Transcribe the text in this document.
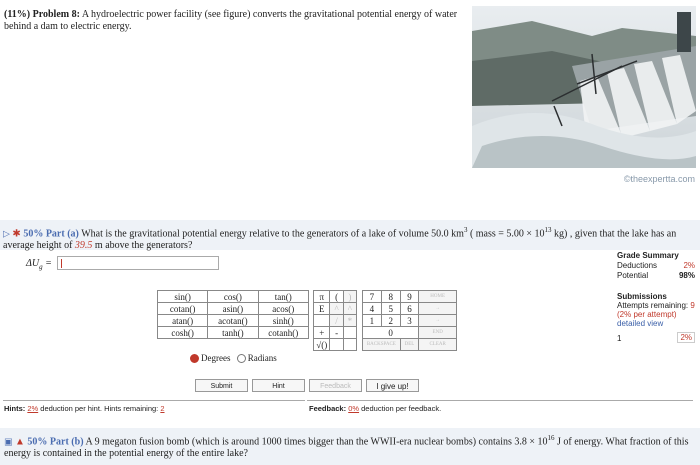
(11%) Problem 8: A hydroelectric power facility (see figure) converts the gravitational potential energy of water behind a dam to electric energy.
©theexpertta.com
▷ ✱ 50% Part (a) What is the gravitational potential energy relative to the generators of a lake of volume 50.0 $km^3$ ( mass = $5.00 \times 10^{13}$ kg) , given that the lake has an average height of 39.5 m above the generators?
$\Delta U_g$ =
Grade Summary
Deductions	2%
Potential	98%
Submissions
Attempts remaining: 9
(2% per attempt)
detailed view
1	2%
sin()	cos()	tan()
cotan()	asin()	acos()
atan()	acotan()	sinh()
cosh()	tanh()	cotanh()
π	(	)
E	^	^
	/	*
+	-	
√()		
7	8	9	HOME
4	5	6	→
1	2	3	→
0			END
BACKSPACE		DEL	CLEAR
Degrees Radians
Submit	Hint	Feedback	I give up!
Hints: 2% deduction per hint. Hints remaining: 2	Feedback: 0% deduction per feedback.
▣ ▲ 50% Part (b) A 9 megaton fusion bomb (which is around 1000 times bigger than the WWII-era nuclear bombs) contains $3.8 \times 10^{16}$ J of energy. What fraction of this energy is contained in the potential energy of the entire lake?
